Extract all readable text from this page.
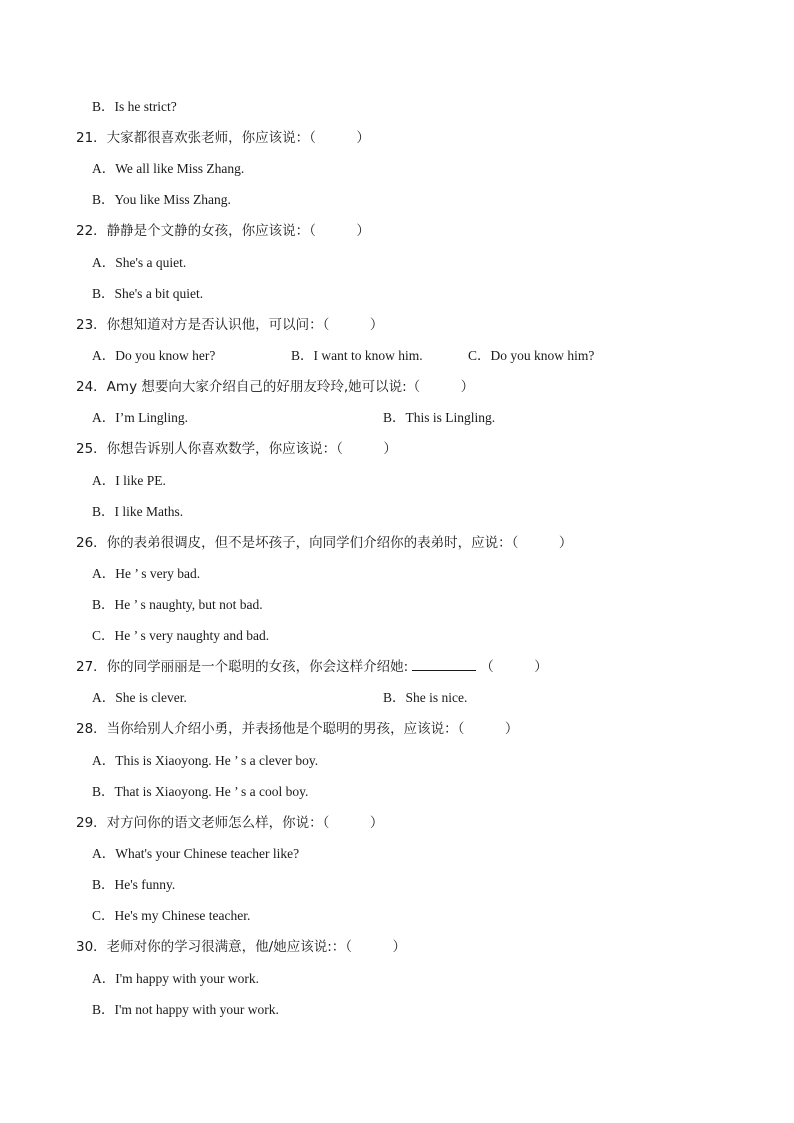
B．Is he strict?
21．大家都很喜欢张老师，你应该说：（　　　）
A．We all like Miss Zhang.
B．You like Miss Zhang.
22．静静是个文静的女孩，你应该说：（　　　）
A．She's a quiet.
B．She's a bit quiet.
23．你想知道对方是否认识他，可以问：（　　　）
A．Do you know her?	B．I want to know him.	C．Do you know him?
24．Amy 想要向大家介绍自己的好朋友玲玲,她可以说:（　　　）
A．I’m Lingling.	B．This is Lingling.
25．你想告诉别人你喜欢数学，你应该说：（　　　）
A．I like PE.
B．I like Maths.
26．你的表弟很调皮，但不是坏孩子，向同学们介绍你的表弟时，应说：（　　　）
A．He ’ s very bad.
B．He ’ s naughty, but not bad.
C．He ’ s very naughty and bad.
27．你的同学丽丽是一个聪明的女孩，你会这样介绍她:	（　　　）
A．She is clever.	B．She is nice.
28．当你给别人介绍小勇，并表扬他是个聪明的男孩，应该说：（　　　）
A．This is Xiaoyong. He ’ s a clever boy.
B．That is Xiaoyong. He ’ s a cool boy.
29．对方问你的语文老师怎么样，你说：（　　　）
A．What's your Chinese teacher like?
B．He's funny.
C．He's my Chinese teacher.
30．老师对你的学习很满意，他/她应该说:：（　　　）
A．I'm happy with your work.
B．I'm not happy with your work.
